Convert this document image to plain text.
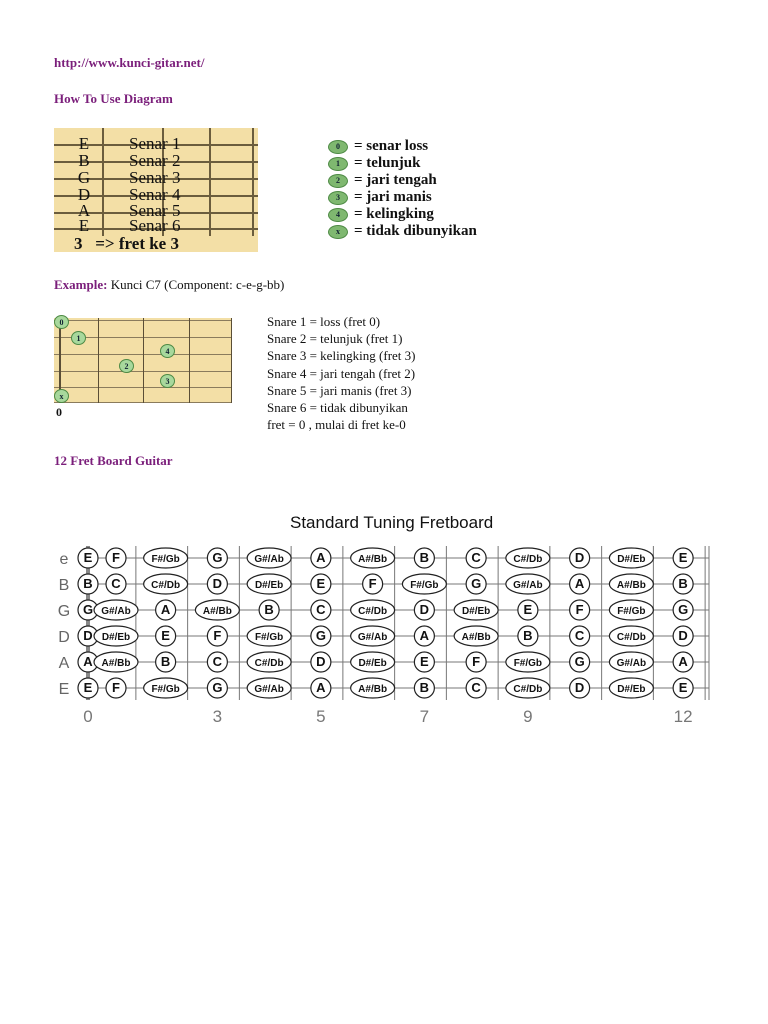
http://www.kunci-gitar.net/
How To Use Diagram
E Senar 1
B Senar 2
G Senar 3
D Senar 4
A Senar 5
E Senar 6
3   => fret ke 3
0 = senar loss
1 = telunjuk
2 = jari tengah
3 = jari manis
4 = kelingking
x = tidak dibunyikan
Example: Kunci C7 (Component: c-e-g-bb)
0
1
2
4
3
x
0
Snare 1 = loss (fret 0)
Snare 2 = telunjuk (fret 1)
Snare 3 = kelingking (fret 3)
Snare 4 = jari tengah (fret 2)
Snare 5 = jari manis (fret 3)
Snare 6 = tidak dibunyikan
fret = 0 , mulai di fret ke-0
12 Fret Board Guitar
Standard Tuning Fretboard
e E F	F#/Gb	G	G#/Ab A	A#/Bb	B	C	C#/Db	D	D#/Eb	E
B B C	C#/Db	D	D#/Eb	E	F	F#/Gb	G	G#/Ab A	A#/Bb	B
G G G#/Ab A	A#/Bb	B	C	C#/Db	D	D#/Eb	E	F	F#/Gb	G
D D D#/Eb E	F	F#/Gb	G	G#/Ab A	A#/Bb	B	C	C#/Db	D
A A A#/Bb B	C	C#/Db	D	D#/Eb	E	F	F#/Gb	G	G#/Ab A
E E F	F#/Gb	G	G#/Ab A	A#/Bb	B	C	C#/Db	D	D#/Eb	E
0	3	5	7	9	12
